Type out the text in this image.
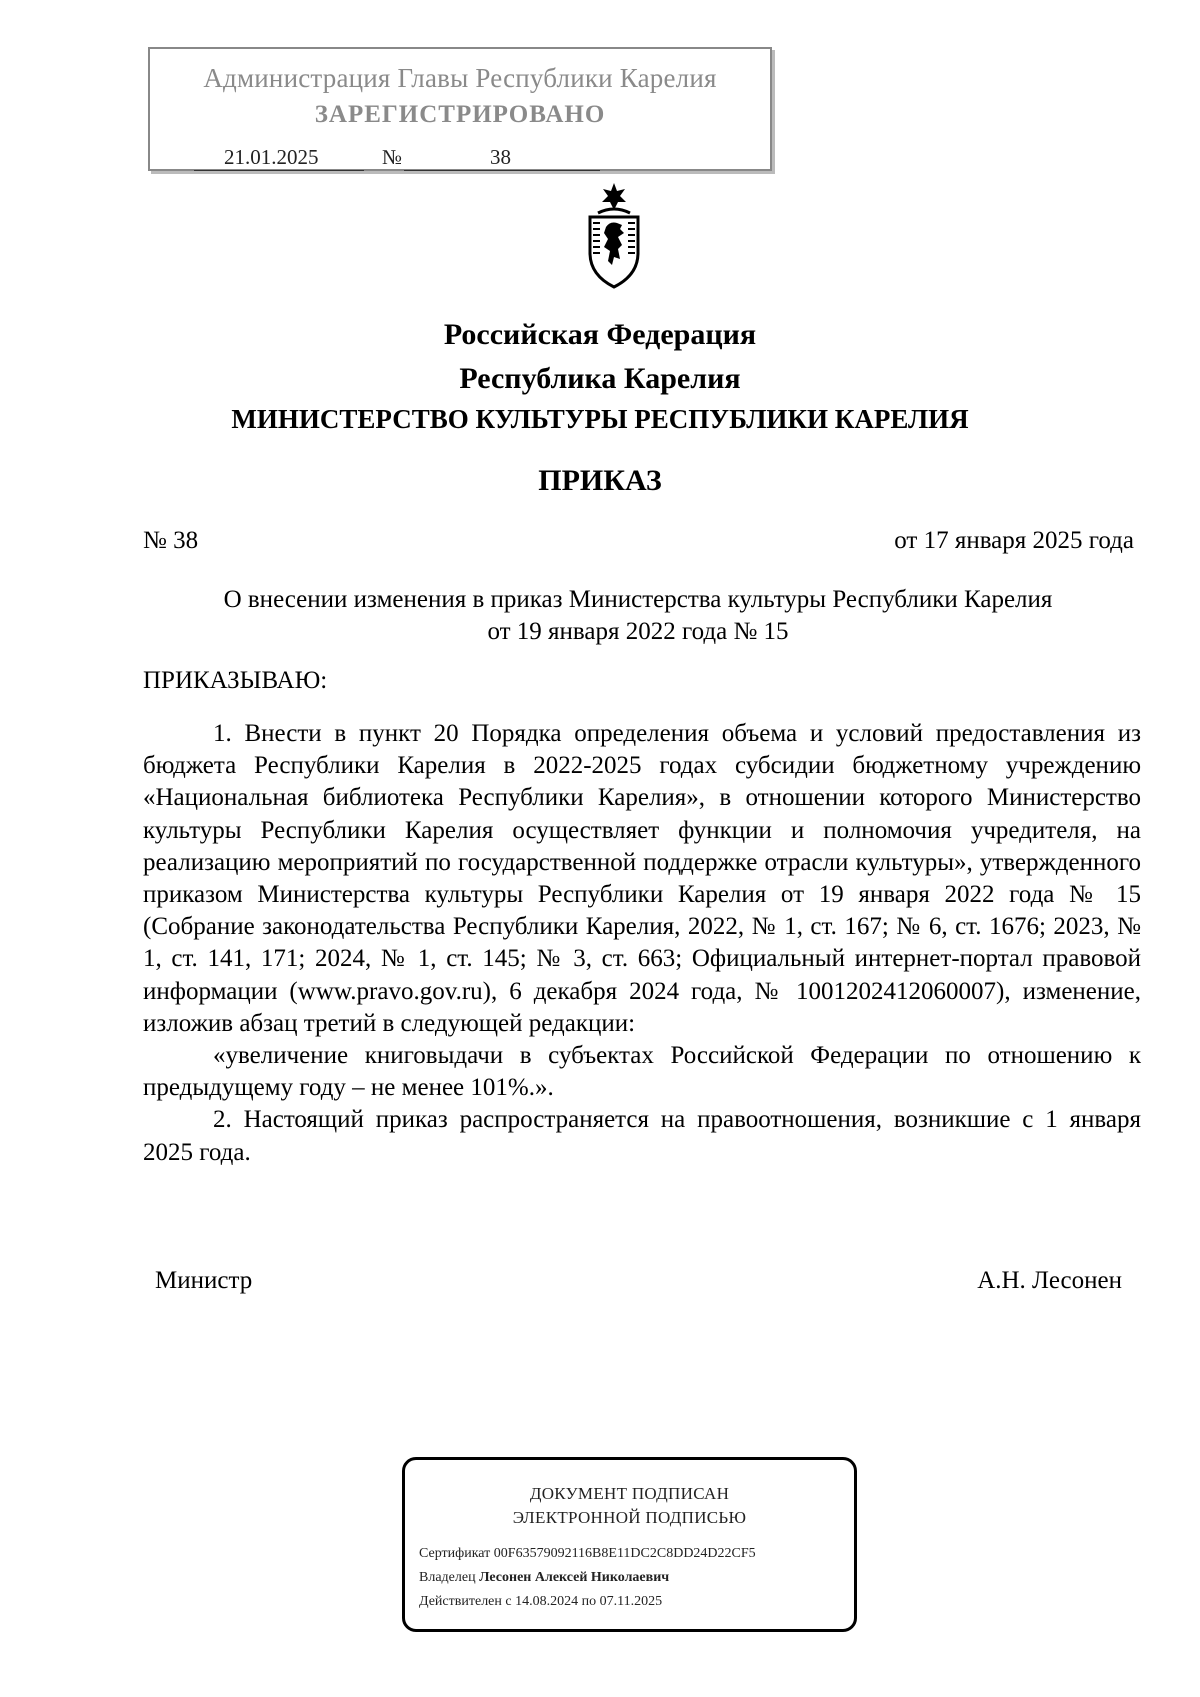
Администрация Главы Республики Карелия
ЗАРЕГИСТРИРОВАНО
21.01.2025	№	38
Российская Федерация
Республика Карелия
МИНИСТЕРСТВО КУЛЬТУРЫ РЕСПУБЛИКИ КАРЕЛИЯ
ПРИКАЗ
№ 38	от 17 января 2025 года
О внесении изменения в приказ Министерства культуры Республики Карелия
от 19 января 2022 года № 15
ПРИКАЗЫВАЮ:

1. Внести в пункт 20 Порядка определения объема и условий предоставления из бюджета Республики Карелия в 2022-2025 годах субсидии бюджетному учреждению «Национальная библиотека Республики Карелия», в отношении которого Министерство культуры Республики Карелия осуществляет функции и полномочия учредителя, на реализацию мероприятий по государственной поддержке отрасли культуры», утвержденного приказом Министерства культуры Республики Карелия от 19 января 2022 года № 15 (Собрание законодательства Республики Карелия, 2022, № 1, ст. 167; № 6, ст. 1676; 2023, № 1, ст. 141, 171; 2024, № 1, ст. 145; № 3, ст. 663; Официальный интернет-портал правовой информации (www.pravo.gov.ru), 6 декабря 2024 года, № 1001202412060007), изменение, изложив абзац третий в следующей редакции:

«увеличение книговыдачи в субъектах Российской Федерации по отношению к предыдущему году – не менее 101%.».

2. Настоящий приказ распространяется на правоотношения, возникшие с 1 января 2025 года.

Министр	А.Н. Лесонен
ДОКУМЕНТ ПОДПИСАН
ЭЛЕКТРОННОЙ ПОДПИСЬЮ
Сертификат 00F63579092116B8E11DC2C8DD24D22CF5
Владелец Лесонен Алексей Николаевич
Действителен с 14.08.2024 по 07.11.2025
